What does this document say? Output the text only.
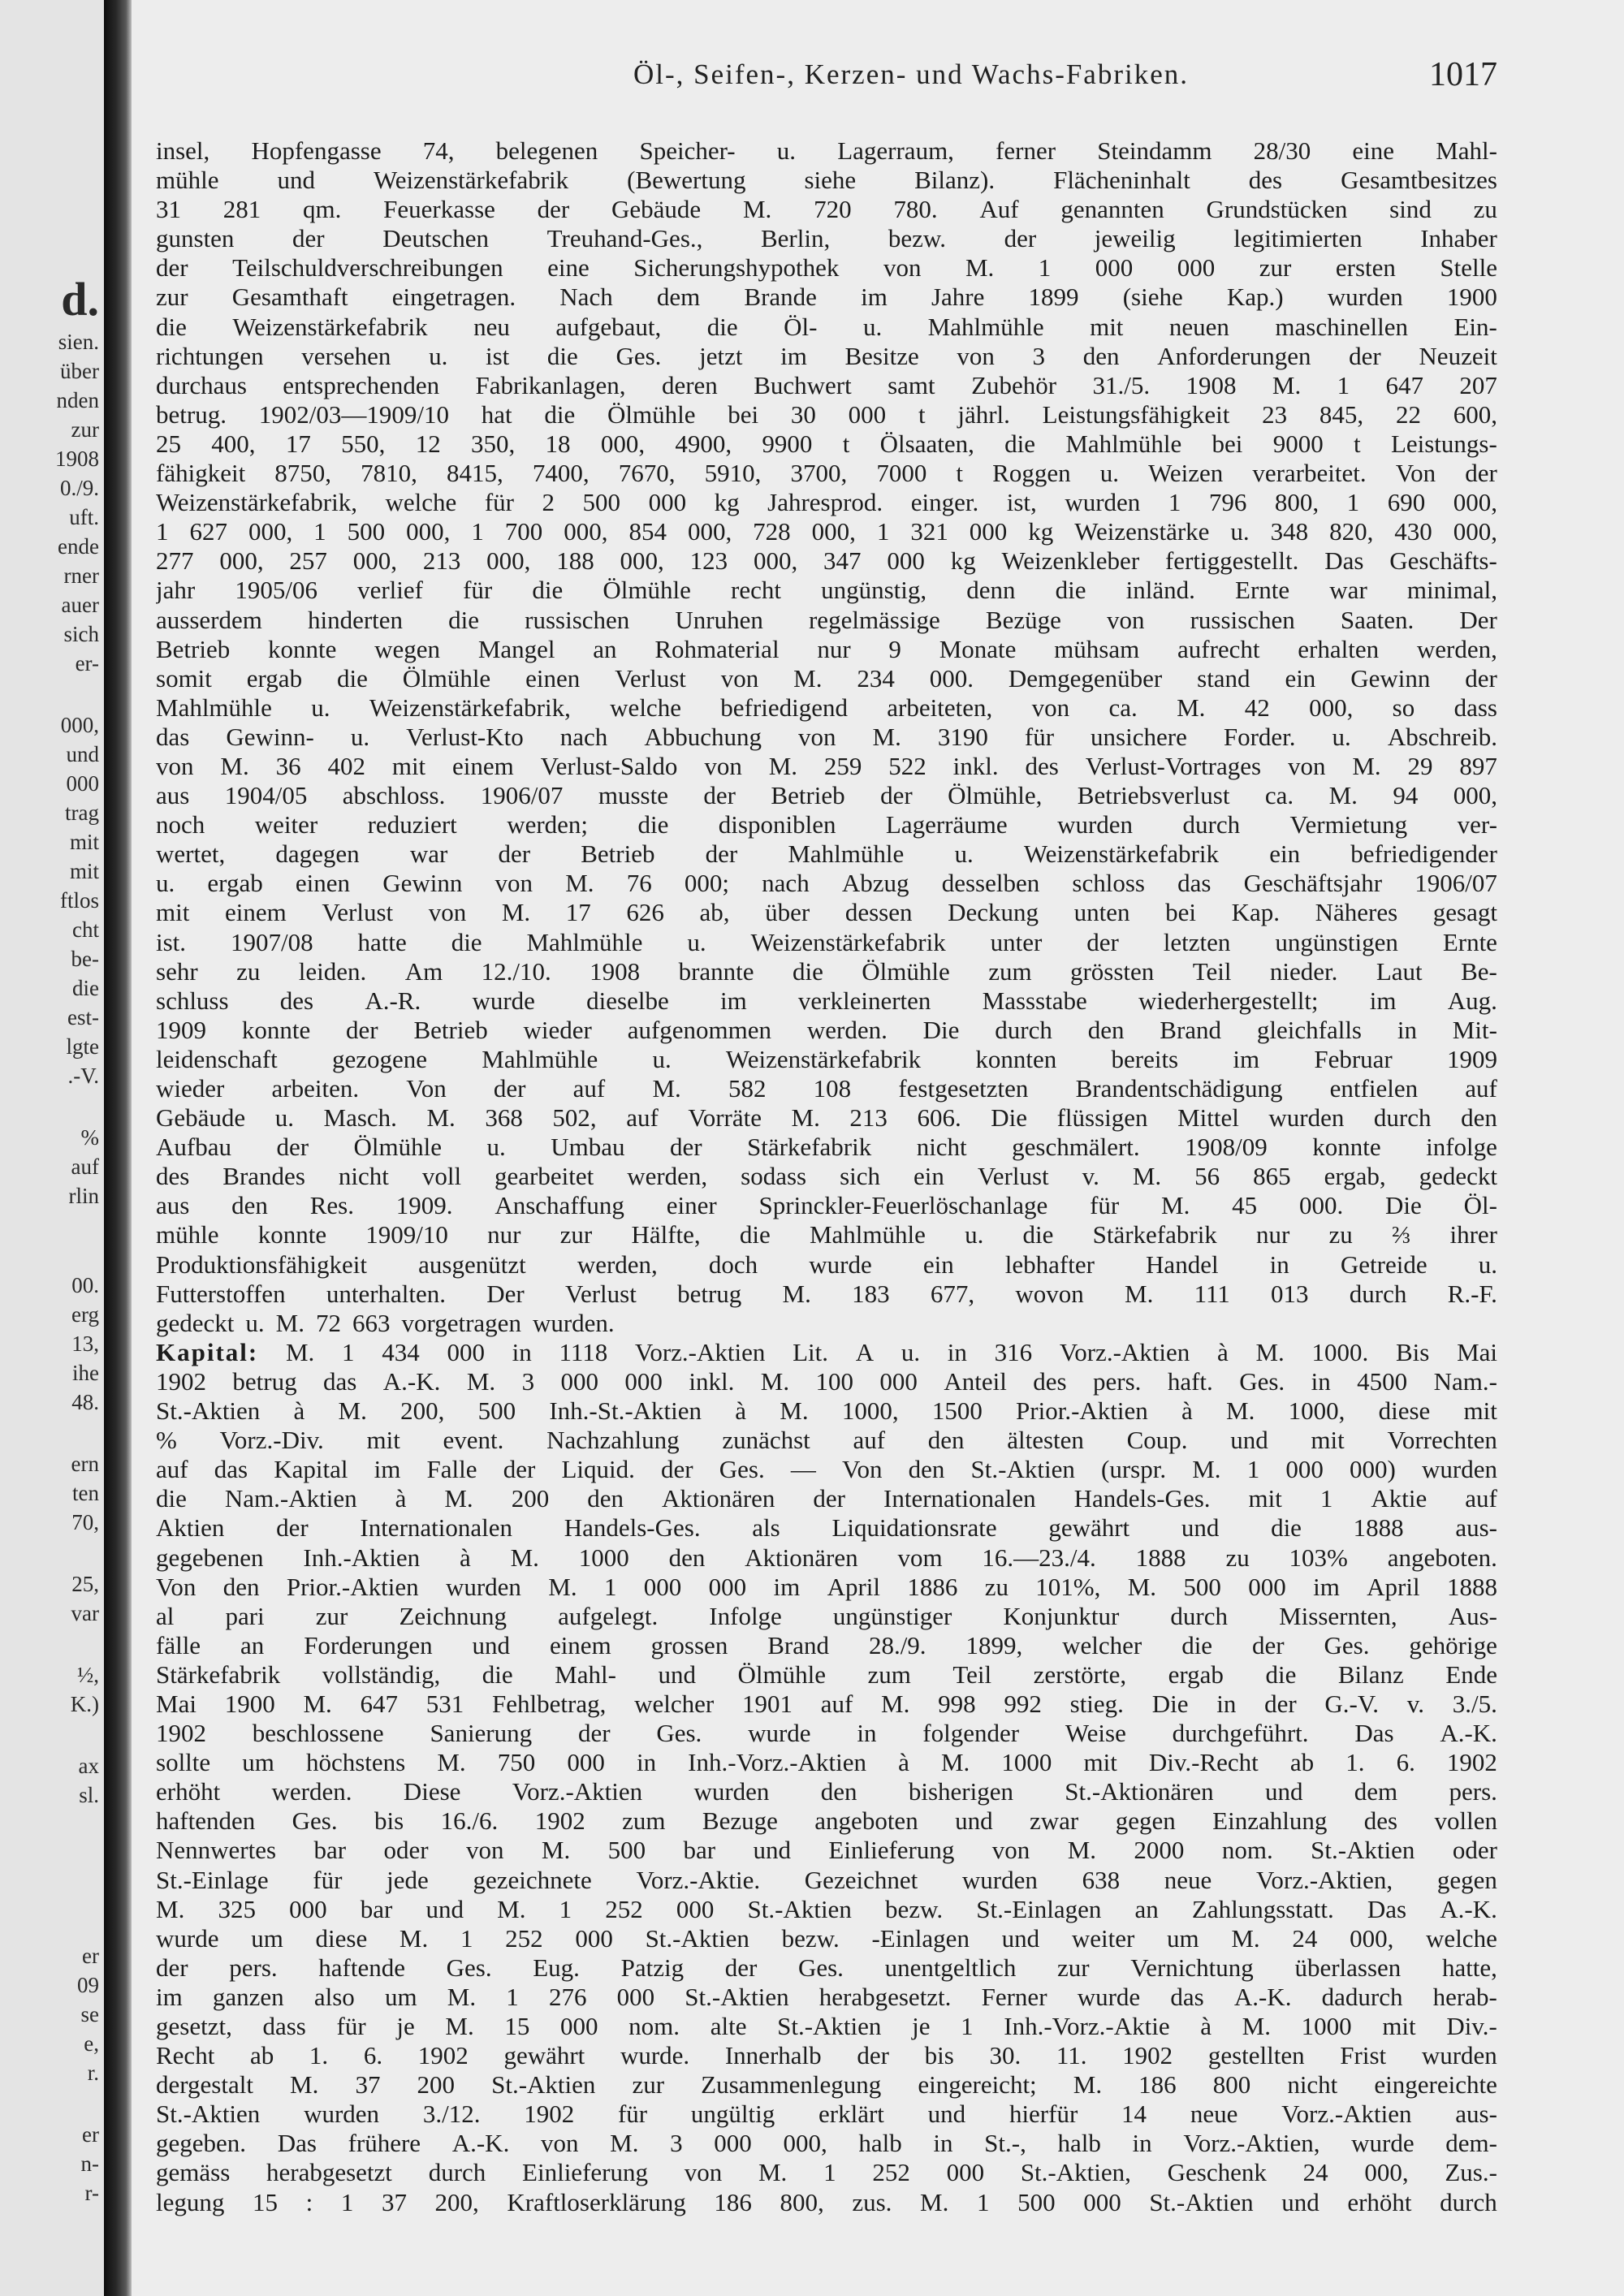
d.
sien.
über
nden
zur
1908
0./9.
uft.
ende
rner
auer
sich
er-
000,
und
000
trag
mit
mit
ftlos
cht
be-
die
est-
lgte
.-V.
%
auf
rlin
00.
erg
13,
ihe
48.
ern
ten
70,
25,
var
½,
K.)
ax
sl.
er
09
se
e,
r.
er
n-
r-
Öl-, Seifen-, Kerzen- und Wachs-Fabriken.	1017
insel, Hopfengasse 74, belegenen Speicher- u. Lagerraum, ferner Steindamm 28/30 eine Mahl-
mühle und Weizenstärkefabrik (Bewertung siehe Bilanz). Flächeninhalt des Gesamtbesitzes
31 281 qm. Feuerkasse der Gebäude M. 720 780. Auf genannten Grundstücken sind zu
gunsten der Deutschen Treuhand-Ges., Berlin, bezw. der jeweilig legitimierten Inhaber
der Teilschuldverschreibungen eine Sicherungshypothek von M. 1 000 000 zur ersten Stelle
zur Gesamthaft eingetragen. Nach dem Brande im Jahre 1899 (siehe Kap.) wurden 1900
die Weizenstärkefabrik neu aufgebaut, die Öl- u. Mahlmühle mit neuen maschinellen Ein-
richtungen versehen u. ist die Ges. jetzt im Besitze von 3 den Anforderungen der Neuzeit
durchaus entsprechenden Fabrikanlagen, deren Buchwert samt Zubehör 31./5. 1908 M. 1 647 207
betrug. 1902/03—1909/10 hat die Ölmühle bei 30 000 t jährl. Leistungsfähigkeit 23 845, 22 600,
25 400, 17 550, 12 350, 18 000, 4900, 9900 t Ölsaaten, die Mahlmühle bei 9000 t Leistungs-
fähigkeit 8750, 7810, 8415, 7400, 7670, 5910, 3700, 7000 t Roggen u. Weizen verarbeitet. Von der
Weizenstärkefabrik, welche für 2 500 000 kg Jahresprod. einger. ist, wurden 1 796 800, 1 690 000,
1 627 000, 1 500 000, 1 700 000, 854 000, 728 000, 1 321 000 kg Weizenstärke u. 348 820, 430 000,
277 000, 257 000, 213 000, 188 000, 123 000, 347 000 kg Weizenkleber fertiggestellt. Das Geschäfts-
jahr 1905/06 verlief für die Ölmühle recht ungünstig, denn die inländ. Ernte war minimal,
ausserdem hinderten die russischen Unruhen regelmässige Bezüge von russischen Saaten. Der
Betrieb konnte wegen Mangel an Rohmaterial nur 9 Monate mühsam aufrecht erhalten werden,
somit ergab die Ölmühle einen Verlust von M. 234 000. Demgegenüber stand ein Gewinn der
Mahlmühle u. Weizenstärkefabrik, welche befriedigend arbeiteten, von ca. M. 42 000, so dass
das Gewinn- u. Verlust-Kto nach Abbuchung von M. 3190 für unsichere Forder. u. Abschreib.
von M. 36 402 mit einem Verlust-Saldo von M. 259 522 inkl. des Verlust-Vortrages von M. 29 897
aus 1904/05 abschloss. 1906/07 musste der Betrieb der Ölmühle, Betriebsverlust ca. M. 94 000,
noch weiter reduziert werden; die disponiblen Lagerräume wurden durch Vermietung ver-
wertet, dagegen war der Betrieb der Mahlmühle u. Weizenstärkefabrik ein befriedigender
u. ergab einen Gewinn von M. 76 000; nach Abzug desselben schloss das Geschäftsjahr 1906/07
mit einem Verlust von M. 17 626 ab, über dessen Deckung unten bei Kap. Näheres gesagt
ist. 1907/08 hatte die Mahlmühle u. Weizenstärkefabrik unter der letzten ungünstigen Ernte
sehr zu leiden. Am 12./10. 1908 brannte die Ölmühle zum grössten Teil nieder. Laut Be-
schluss des A.-R. wurde dieselbe im verkleinerten Massstabe wiederhergestellt; im Aug.
1909 konnte der Betrieb wieder aufgenommen werden. Die durch den Brand gleichfalls in Mit-
leidenschaft gezogene Mahlmühle u. Weizenstärkefabrik konnten bereits im Februar 1909
wieder arbeiten. Von der auf M. 582 108 festgesetzten Brandentschädigung entfielen auf
Gebäude u. Masch. M. 368 502, auf Vorräte M. 213 606. Die flüssigen Mittel wurden durch den
Aufbau der Ölmühle u. Umbau der Stärkefabrik nicht geschmälert. 1908/09 konnte infolge
des Brandes nicht voll gearbeitet werden, sodass sich ein Verlust v. M. 56 865 ergab, gedeckt
aus den Res. 1909. Anschaffung einer Sprinckler-Feuerlöschanlage für M. 45 000. Die Öl-
mühle konnte 1909/10 nur zur Hälfte, die Mahlmühle u. die Stärkefabrik nur zu ⅔ ihrer
Produktionsfähigkeit ausgenützt werden, doch wurde ein lebhafter Handel in Getreide u.
Futterstoffen unterhalten. Der Verlust betrug M. 183 677, wovon M. 111 013 durch R.-F.
gedeckt u. M. 72 663 vorgetragen wurden.
Kapital: M. 1 434 000 in 1118 Vorz.-Aktien Lit. A u. in 316 Vorz.-Aktien à M. 1000. Bis Mai
1902 betrug das A.-K. M. 3 000 000 inkl. M. 100 000 Anteil des pers. haft. Ges. in 4500 Nam.-
St.-Aktien à M. 200, 500 Inh.-St.-Aktien à M. 1000, 1500 Prior.-Aktien à M. 1000, diese mit
% Vorz.-Div. mit event. Nachzahlung zunächst auf den ältesten Coup. und mit Vorrechten
auf das Kapital im Falle der Liquid. der Ges. — Von den St.-Aktien (urspr. M. 1 000 000) wurden
die Nam.-Aktien à M. 200 den Aktionären der Internationalen Handels-Ges. mit 1 Aktie auf
Aktien der Internationalen Handels-Ges. als Liquidationsrate gewährt und die 1888 aus-
gegebenen Inh.-Aktien à M. 1000 den Aktionären vom 16.—23./4. 1888 zu 103% angeboten.
Von den Prior.-Aktien wurden M. 1 000 000 im April 1886 zu 101%, M. 500 000 im April 1888
al pari zur Zeichnung aufgelegt. Infolge ungünstiger Konjunktur durch Missernten, Aus-
fälle an Forderungen und einem grossen Brand 28./9. 1899, welcher die der Ges. gehörige
Stärkefabrik vollständig, die Mahl- und Ölmühle zum Teil zerstörte, ergab die Bilanz Ende
Mai 1900 M. 647 531 Fehlbetrag, welcher 1901 auf M. 998 992 stieg. Die in der G.-V. v. 3./5.
1902 beschlossene Sanierung der Ges. wurde in folgender Weise durchgeführt. Das A.-K.
sollte um höchstens M. 750 000 in Inh.-Vorz.-Aktien à M. 1000 mit Div.-Recht ab 1. 6. 1902
erhöht werden. Diese Vorz.-Aktien wurden den bisherigen St.-Aktionären und dem pers.
haftenden Ges. bis 16./6. 1902 zum Bezuge angeboten und zwar gegen Einzahlung des vollen
Nennwertes bar oder von M. 500 bar und Einlieferung von M. 2000 nom. St.-Aktien oder
St.-Einlage für jede gezeichnete Vorz.-Aktie. Gezeichnet wurden 638 neue Vorz.-Aktien, gegen
M. 325 000 bar und M. 1 252 000 St.-Aktien bezw. St.-Einlagen an Zahlungsstatt. Das A.-K.
wurde um diese M. 1 252 000 St.-Aktien bezw. -Einlagen und weiter um M. 24 000, welche
der pers. haftende Ges. Eug. Patzig der Ges. unentgeltlich zur Vernichtung überlassen hatte,
im ganzen also um M. 1 276 000 St.-Aktien herabgesetzt. Ferner wurde das A.-K. dadurch herab-
gesetzt, dass für je M. 15 000 nom. alte St.-Aktien je 1 Inh.-Vorz.-Aktie à M. 1000 mit Div.-
Recht ab 1. 6. 1902 gewährt wurde. Innerhalb der bis 30. 11. 1902 gestellten Frist wurden
dergestalt M. 37 200 St.-Aktien zur Zusammenlegung eingereicht; M. 186 800 nicht eingereichte
St.-Aktien wurden 3./12. 1902 für ungültig erklärt und hierfür 14 neue Vorz.-Aktien aus-
gegeben. Das frühere A.-K. von M. 3 000 000, halb in St.-, halb in Vorz.-Aktien, wurde dem-
gemäss herabgesetzt durch Einlieferung von M. 1 252 000 St.-Aktien, Geschenk 24 000, Zus.-
legung 15 : 1 37 200, Kraftloserklärung 186 800, zus. M. 1 500 000 St.-Aktien und erhöht durch
